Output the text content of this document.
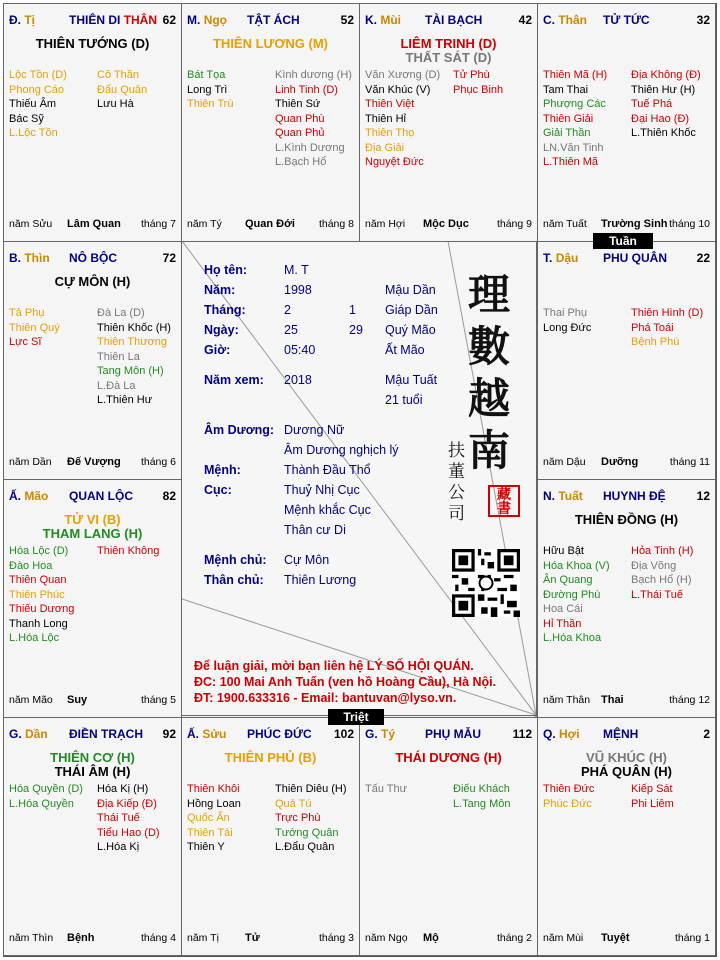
Họ tên:	M. T
Năm:	1998	Mậu Dần
Tháng:	2	1 Giáp Dần
Ngày:	25	29 Quý Mão
Giờ:	05:40	Ất Mão
Năm xem: 2018	Mậu Tuất
21 tuổi
Âm Dương: Dương Nữ
Âm Dương nghịch lý
Mệnh:	Thành Đầu Thổ
Cục:	Thuỷ Nhị Cục
Mệnh khắc Cục
Thân cư Di
Mệnh chủ: Cự Môn
Thân chủ: Thiên Lương
理
數
越
南
扶
董
公
司
藏
書
Để luận giải, mời bạn liên hệ LÝ SỐ HỘI QUÁN.
ĐC: 100 Mai Anh Tuấn (ven hồ Hoàng Cầu), Hà Nội.
ĐT: 1900.633316 - Email: bantuvan@lyso.vn.
Đ. Tị	THIÊN DI THÂN 62
THIÊN TƯỚNG (D)
Lộc Tồn (D)
Phong Cáo
Thiếu Âm
Bác Sỹ
L.Lộc Tồn
Cô Thần
Đẩu Quân
Lưu Hà
năm Sửu Lâm Quan tháng 7
M. Ngọ TẬT ÁCH	52
THIÊN LƯƠNG (M)
Bát Tọa
Long Trì
Thiên Trù
Kình dương (H)
Linh Tinh (D)
Thiên Sứ
Quan Phù
Quan Phủ
L.Kình Dương
L.Bạch Hổ
năm Tý Quan Đới tháng 8
K. Mùi TÀI BẠCH	42
LIÊM TRINH (D)
THẤT SÁT (D)
Văn Xương (D)
Văn Khúc (V)
Thiên Việt
Thiên Hỉ
Thiên Thọ
Địa Giải
Nguyệt Đức
Tử Phù
Phục Binh
năm Hợi Mộc Dục	tháng 9
C. Thân TỬ TỨC	32
Thiên Mã (H)
Tam Thai
Phượng Các
Thiên Giải
Giải Thần
LN.Văn Tinh
L.Thiên Mã
Địa Không (Đ)
Thiên Hư (H)
Tuế Phá
Đại Hao (Đ)
L.Thiên Khốc
năm Tuất Trường Sinh tháng 10
B. Thìn NÔ BỘC	72
CỰ MÔN (H)
Tả Phụ
Thiên Quý
Lực Sĩ
Đà La (D)
Thiên Khốc (H)
Thiên Thương
Thiên La
Tang Môn (H)
L.Đà La
L.Thiên Hư
năm Dần Đế Vượng tháng 6
T. Dậu PHU QUÂN 22
Thai Phụ
Long Đức
Thiên Hình (D)
Phá Toái
Bệnh Phù
năm Dậu Dưỡng	tháng 11
Ấ. Mão QUAN LỘC 82
TỬ VI (B)
THAM LANG (H)
Hóa Lộc (D)
Đào Hoa
Thiên Quan
Thiên Phúc
Thiếu Dương
Thanh Long
L.Hóa Lộc
Thiên Không
năm Mão Suy	tháng 5
N. Tuất HUYNH ĐỆ	12
THIÊN ĐỒNG (H)
Hữu Bật
Hóa Khoa (V)
Ân Quang
Đường Phù
Hoa Cái
Hỉ Thần
L.Hóa Khoa
Hỏa Tinh (H)
Địa Võng
Bạch Hổ (H)
L.Thái Tuế
năm Thân Thai	tháng 12
G. Dần ĐIỀN TRẠCH 92
THIÊN CƠ (H)
THÁI ÂM (H)
Hóa Quyền (D)
L.Hóa Quyền
Hóa Kị (H)
Địa Kiếp (Đ)
Thái Tuế
Tiểu Hao (D)
L.Hóa Kị
năm Thìn Bệnh	tháng 4
Ấ. Sửu PHÚC ĐỨC 102
THIÊN PHỦ (B)
Thiên Khôi
Hồng Loan
Quốc Ấn
Thiên Tài
Thiên Y
Thiên Diêu (H)
Quả Tú
Trực Phù
Tướng Quân
L.Đẩu Quân
năm Tị Tử	tháng 3
G. Tý PHỤ MẪU	112
THÁI DƯƠNG (H)
Tấu Thư	Điếu Khách
L.Tang Môn
năm Ngọ Mộ	tháng 2
Q. Hợi MỆNH	2
VŨ KHÚC (H)
PHÁ QUÂN (H)
Thiên Đức
Phúc Đức
Kiếp Sát
Phi Liêm
năm Mùi Tuyệt	tháng 1
Tuần
Triệt
